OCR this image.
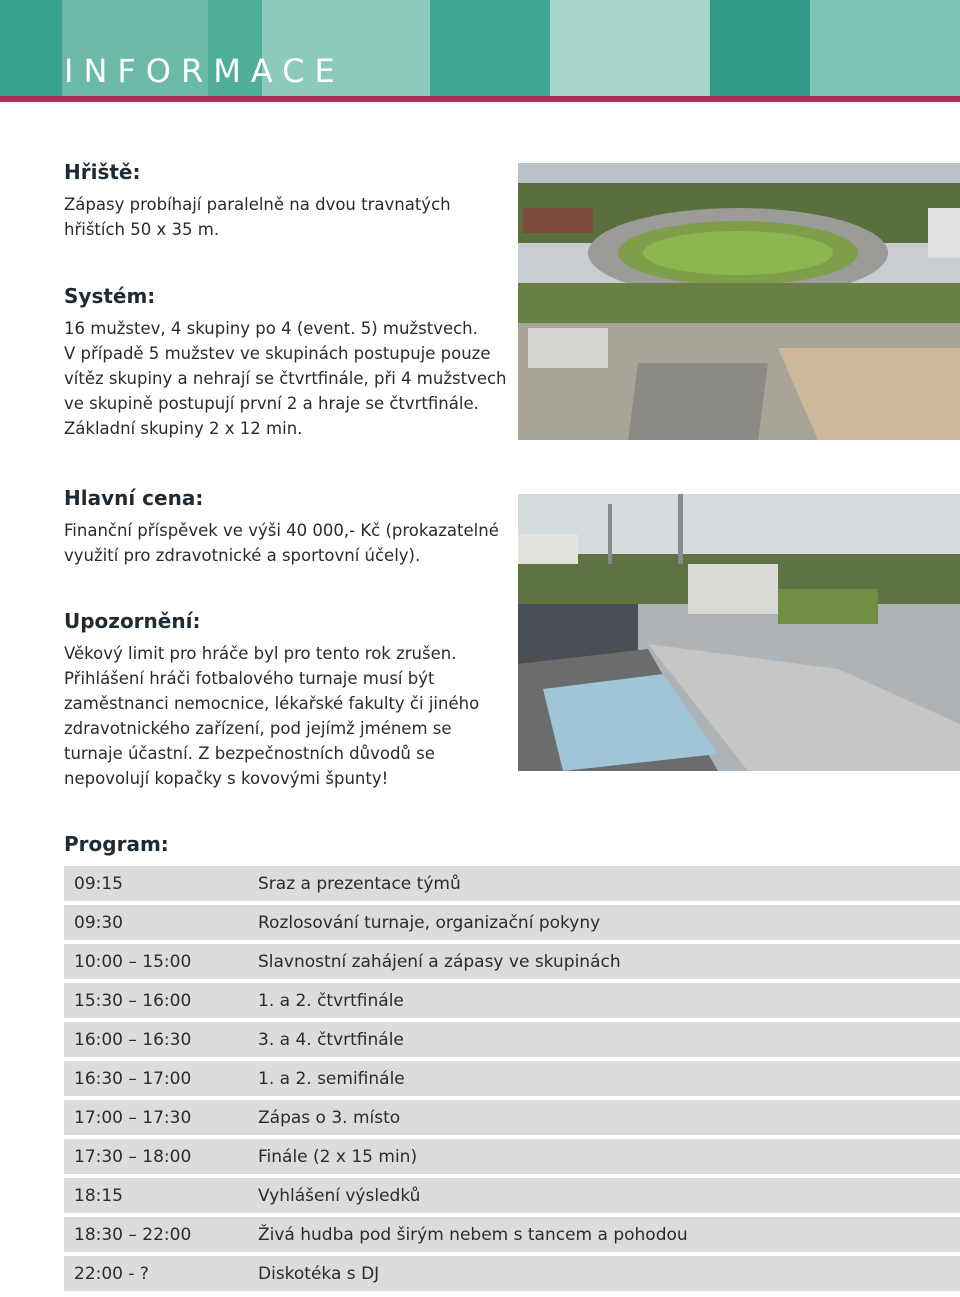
INFORMACE
Hřiště:

Zápasy probíhají paralelně na dvou travnatých

hřištích 50 x 35 m.

Systém:

16 mužstev, 4 skupiny po 4 (event. 5) mužstvech.

V případě 5 mužstev ve skupinách postupuje pouze

vítěz skupiny a nehrají se čtvrtfinále, při 4 mužstvech

ve skupině postupují první 2 a hraje se čtvrtfinále.

Základní skupiny 2 x 12 min.

Hlavní cena:

Finanční příspěvek ve výši 40 000,- Kč (prokazatelné

využití pro zdravotnické a sportovní účely).

Upozornění:

Věkový limit pro hráče byl pro tento rok zrušen.

Přihlášení hráči fotbalového turnaje musí být

zaměstnanci nemocnice, lékařské fakulty či jiného

zdravotnického zařízení, pod jejímž jménem se

turnaje účastní. Z bezpečnostních důvodů se

nepovolují kopačky s kovovými špunty!

Program:
09:15	Sraz a prezentace týmů
09:30	Rozlosování turnaje, organizační pokyny
10:00 – 15:00	Slavnostní zahájení a zápasy ve skupinách
15:30 – 16:00	1. a 2. čtvrtfinále
16:00 – 16:30	3. a 4. čtvrtfinále
16:30 – 17:00	1. a 2. semifinále
17:00 – 17:30	Zápas o 3. místo
17:30 – 18:00	Finále (2 x 15 min)
18:15	Vyhlášení výsledků
18:30 – 22:00	Živá hudba pod širým nebem s tancem a pohodou
22:00 - ?	Diskotéka s DJ
